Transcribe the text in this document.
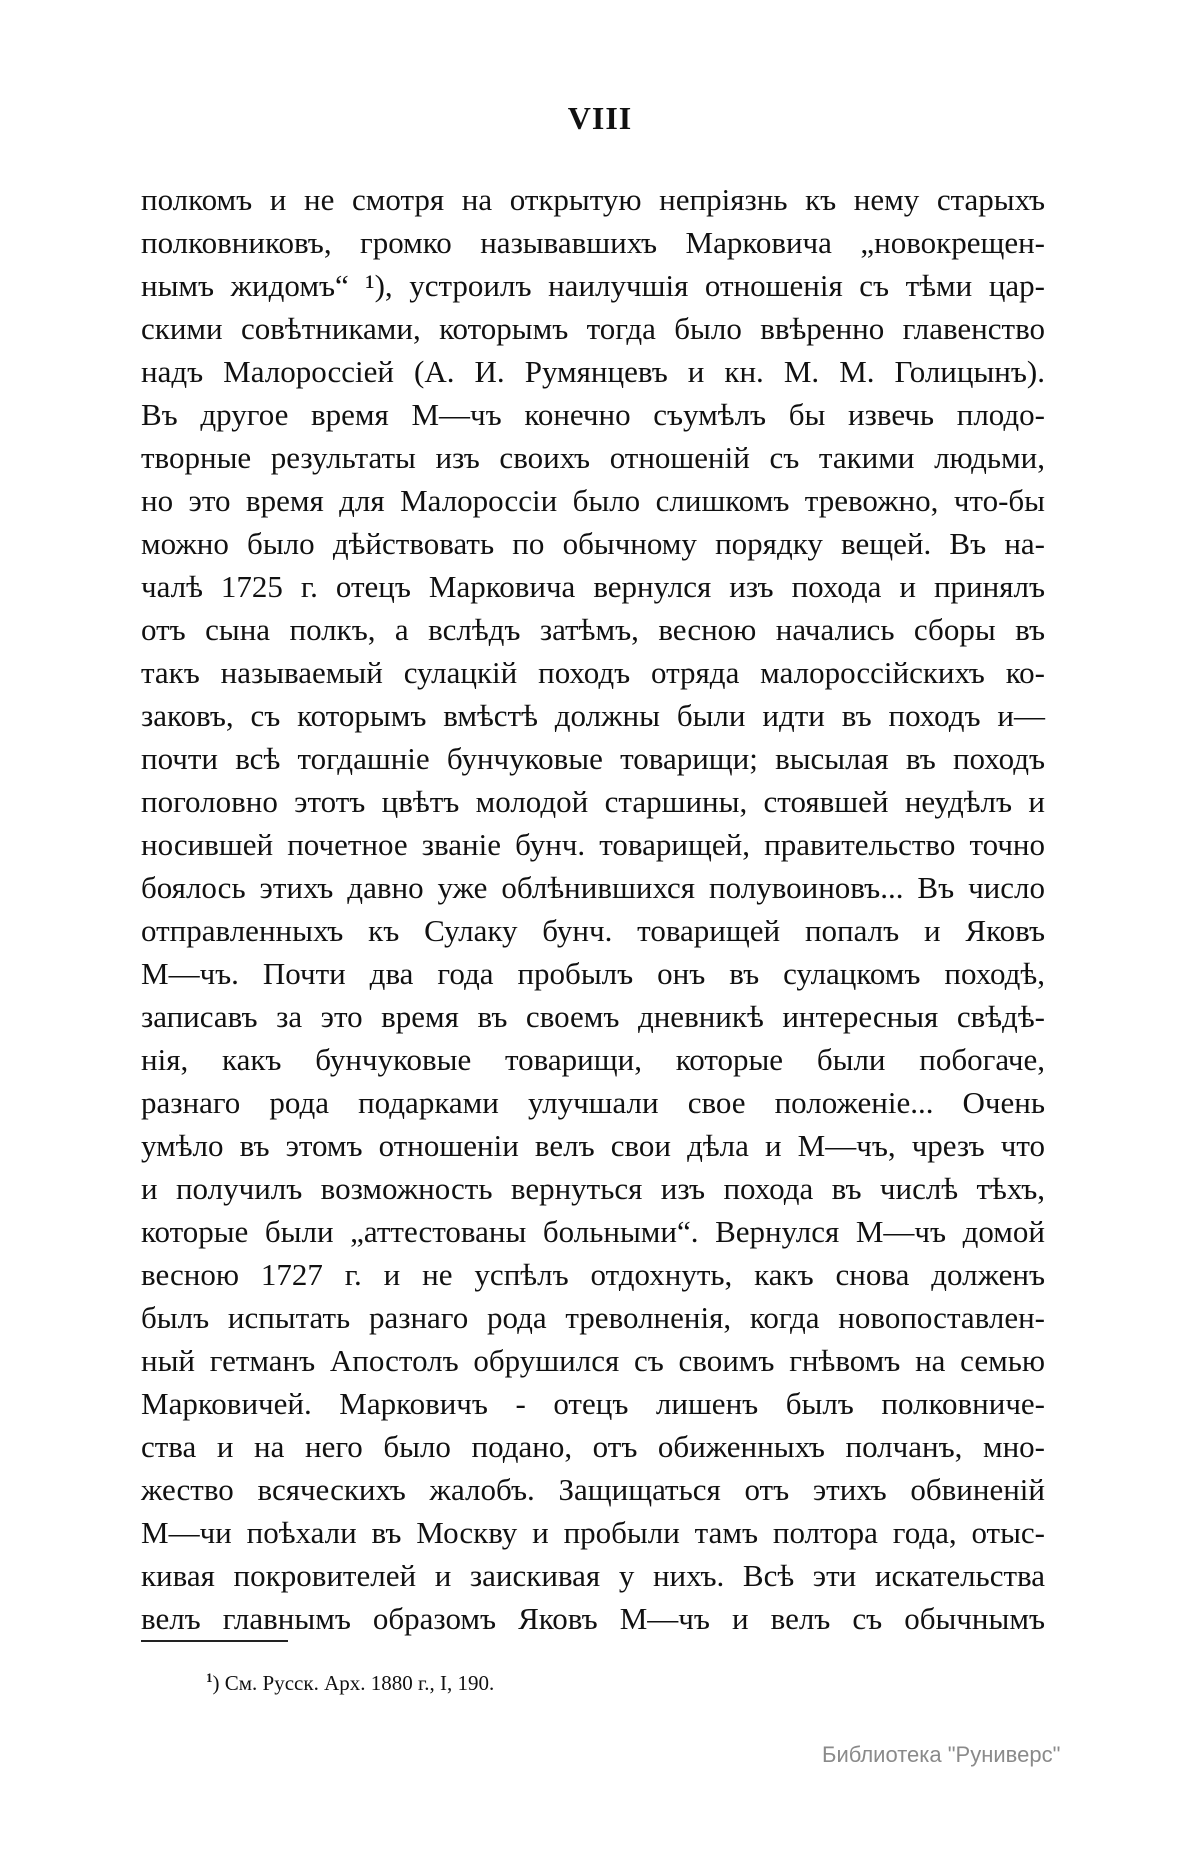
VIII
полкомъ и не смотря на открытую непріязнь къ нему старыхъ
полковниковъ, громко называвшихъ Марковича „новокрещен-
нымъ жидомъ“ ¹), устроилъ наилучшія отношенія съ тѣми цар-
скими совѣтниками, которымъ тогда было ввѣренно главенство
надъ Малороссіей (А. И. Румянцевъ и кн. М. М. Голицынъ).
Въ другое время М—чъ конечно съумѣлъ бы извечь плодо-
творные результаты изъ своихъ отношеній съ такими людьми,
но это время для Малороссіи было слишкомъ тревожно, что-бы
можно было дѣйствовать по обычному порядку вещей. Въ на-
чалѣ 1725 г. отецъ Марковича вернулся изъ похода и принялъ
отъ сына полкъ, а вслѣдъ затѣмъ, весною начались сборы въ
такъ называемый сулацкій походъ отряда малороссійскихъ ко-
заковъ, съ которымъ вмѣстѣ должны были идти въ походъ и—
почти всѣ тогдашніе бунчуковые товарищи; высылая въ походъ
поголовно этотъ цвѣтъ молодой старшины, стоявшей неудѣлъ и
носившей почетное званіе бунч. товарищей, правительство точно
боялось этихъ давно уже облѣнившихся полувоиновъ... Въ число
отправленныхъ къ Сулаку бунч. товарищей попалъ и Яковъ
М—чъ. Почти два года пробылъ онъ въ сулацкомъ походѣ,
записавъ за это время въ своемъ дневникѣ интересныя свѣдѣ-
нія, какъ бунчуковые товарищи, которые были побогаче,
разнаго рода подарками улучшали свое положеніе... Очень
умѣло въ этомъ отношеніи велъ свои дѣла и М—чъ, чрезъ что
и получилъ возможность вернуться изъ похода въ числѣ тѣхъ,
которые были „аттестованы больными“. Вернулся М—чъ домой
весною 1727 г. и не успѣлъ отдохнуть, какъ снова долженъ
былъ испытать разнаго рода треволненія, когда новопоставлен-
ный гетманъ Апостолъ обрушился съ своимъ гнѣвомъ на семью
Марковичей. Марковичъ - отецъ лишенъ былъ полковниче-
ства и на него было подано, отъ обиженныхъ полчанъ, мно-
жество всяческихъ жалобъ. Защищаться отъ этихъ обвиненій
М—чи поѣхали въ Москву и пробыли тамъ полтора года, отыс-
кивая покровителей и заискивая у нихъ. Всѣ эти искательства
велъ главнымъ образомъ Яковъ М—чъ и велъ съ обычнымъ
$^1$) См. Русск. Арх. 1880 г., I, 190.
Библиотека "Руниверс"
